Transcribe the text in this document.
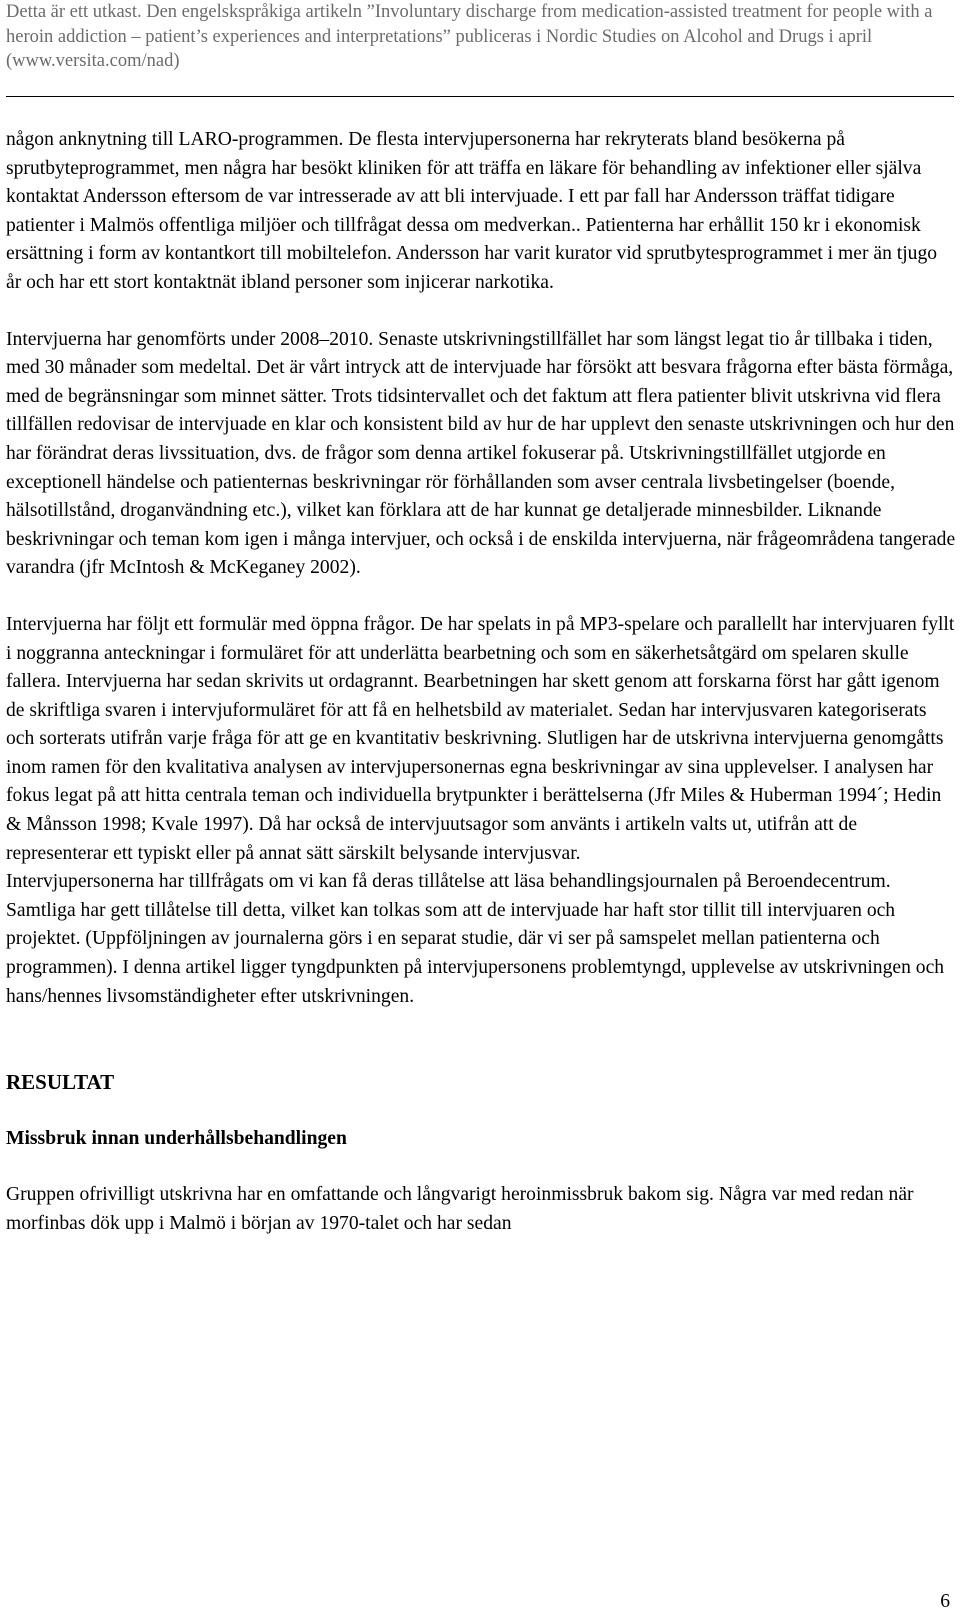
Detta är ett utkast. Den engelskspråkiga artikeln ”Involuntary discharge from medication-assisted treatment for people with a heroin addiction – patient’s experiences and interpretations” publiceras i Nordic Studies on Alcohol and Drugs i april (www.versita.com/nad)

någon anknytning till LARO-programmen. De flesta intervjupersonerna har rekryterats bland besökerna på sprutbyteprogrammet, men några har besökt kliniken för att träffa en läkare för behandling av infektioner eller själva kontaktat Andersson eftersom de var intresserade av att bli intervjuade. I ett par fall har Andersson träffat tidigare patienter i Malmös offentliga miljöer och tillfrågat dessa om medverkan.. Patienterna har erhållit 150 kr i ekonomisk ersättning i form av kontantkort till mobiltelefon. Andersson har varit kurator vid sprutbytesprogrammet i mer än tjugo år och har ett stort kontaktnät ibland personer som injicerar narkotika.

Intervjuerna har genomförts under 2008–2010. Senaste utskrivningstillfället har som längst legat tio år tillbaka i tiden, med 30 månader som medeltal. Det är vårt intryck att de intervjuade har försökt att besvara frågorna efter bästa förmåga, med de begränsningar som minnet sätter. Trots tidsintervallet och det faktum att flera patienter blivit utskrivna vid flera tillfällen redovisar de intervjuade en klar och konsistent bild av hur de har upplevt den senaste utskrivningen och hur den har förändrat deras livssituation, dvs. de frågor som denna artikel fokuserar på. Utskrivningstillfället utgjorde en exceptionell händelse och patienternas beskrivningar rör förhållanden som avser centrala livsbetingelser (boende, hälsotillstånd, droganvändning etc.), vilket kan förklara att de har kunnat ge detaljerade minnesbilder. Liknande beskrivningar och teman kom igen i många intervjuer, och också i de enskilda intervjuerna, när frågeområdena tangerade varandra (jfr McIntosh & McKeganey 2002).

Intervjuerna har följt ett formulär med öppna frågor. De har spelats in på MP3-spelare och parallellt har intervjuaren fyllt i noggranna anteckningar i formuläret för att underlätta bearbetning och som en säkerhetsåtgärd om spelaren skulle fallera. Intervjuerna har sedan skrivits ut ordagrannt. Bearbetningen har skett genom att forskarna först har gått igenom de skriftliga svaren i intervjuformuläret för att få en helhetsbild av materialet. Sedan har intervjusvaren kategoriserats och sorterats utifrån varje fråga för att ge en kvantitativ beskrivning. Slutligen har de utskrivna intervjuerna genomgåtts inom ramen för den kvalitativa analysen av intervjupersonernas egna beskrivningar av sina upplevelser. I analysen har fokus legat på att hitta centrala teman och individuella brytpunkter i berättelserna (Jfr Miles & Huberman 1994´; Hedin & Månsson 1998; Kvale 1997). Då har också de intervjuutsagor som använts i artikeln valts ut, utifrån att de representerar ett typiskt eller på annat sätt särskilt belysande intervjusvar.

Intervjupersonerna har tillfrågats om vi kan få deras tillåtelse att läsa behandlingsjournalen på Beroendecentrum. Samtliga har gett tillåtelse till detta, vilket kan tolkas som att de intervjuade har haft stor tillit till intervjuaren och projektet. (Uppföljningen av journalerna görs i en separat studie, där vi ser på samspelet mellan patienterna och programmen). I denna artikel ligger tyngdpunkten på intervjupersonens problemtyngd, upplevelse av utskrivningen och hans/hennes livsomständigheter efter utskrivningen.

RESULTAT

Missbruk innan underhållsbehandlingen

Gruppen ofrivilligt utskrivna har en omfattande och långvarigt heroinmissbruk bakom sig. Några var med redan när morfinbas dök upp i Malmö i början av 1970-talet och har sedan

6
